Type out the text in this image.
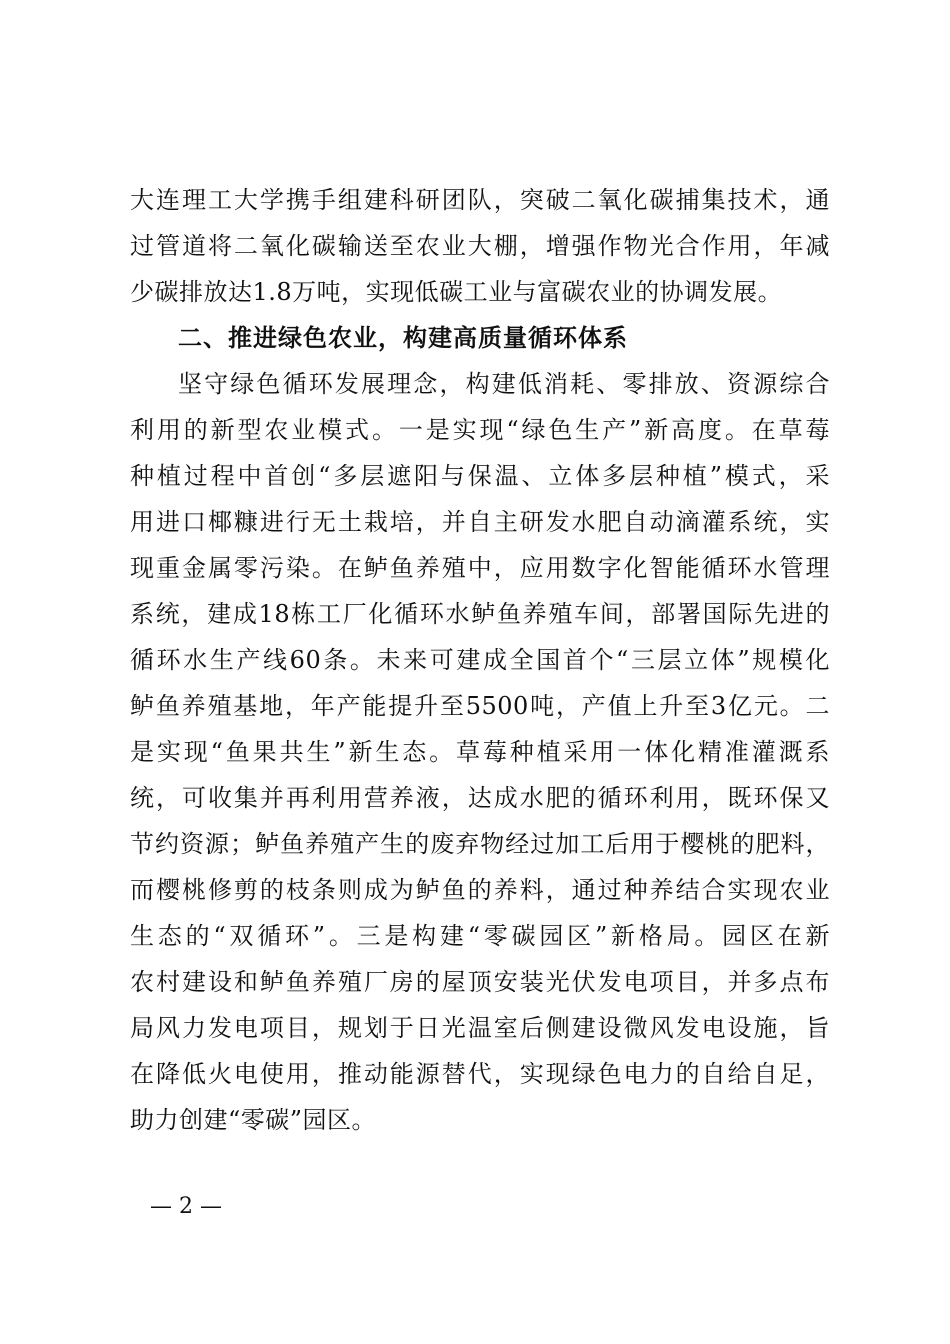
大连理工大学携手组建科研团队，突破二氧化碳捕集技术，通
过管道将二氧化碳输送至农业大棚，增强作物光合作用，年减
少碳排放达1.8万吨，实现低碳工业与富碳农业的协调发展。
二、推进绿色农业，构建高质量循环体系
坚守绿色循环发展理念，构建低消耗、零排放、资源综合
利用的新型农业模式。一是实现“绿色生产”新高度。在草莓
种植过程中首创“多层遮阳与保温、立体多层种植”模式，采
用进口椰糠进行无土栽培，并自主研发水肥自动滴灌系统，实
现重金属零污染。在鲈鱼养殖中，应用数字化智能循环水管理
系统，建成18栋工厂化循环水鲈鱼养殖车间，部署国际先进的
循环水生产线60条。未来可建成全国首个“三层立体”规模化
鲈鱼养殖基地，年产能提升至5500吨，产值上升至3亿元。二
是实现“鱼果共生”新生态。草莓种植采用一体化精准灌溉系
统，可收集并再利用营养液，达成水肥的循环利用，既环保又
节约资源；鲈鱼养殖产生的废弃物经过加工后用于樱桃的肥料，
而樱桃修剪的枝条则成为鲈鱼的养料，通过种养结合实现农业
生态的“双循环”。三是构建“零碳园区”新格局。园区在新
农村建设和鲈鱼养殖厂房的屋顶安装光伏发电项目，并多点布
局风力发电项目，规划于日光温室后侧建设微风发电设施，旨
在降低火电使用，推动能源替代，实现绿色电力的自给自足，
助力创建“零碳”园区。
— 2 —
